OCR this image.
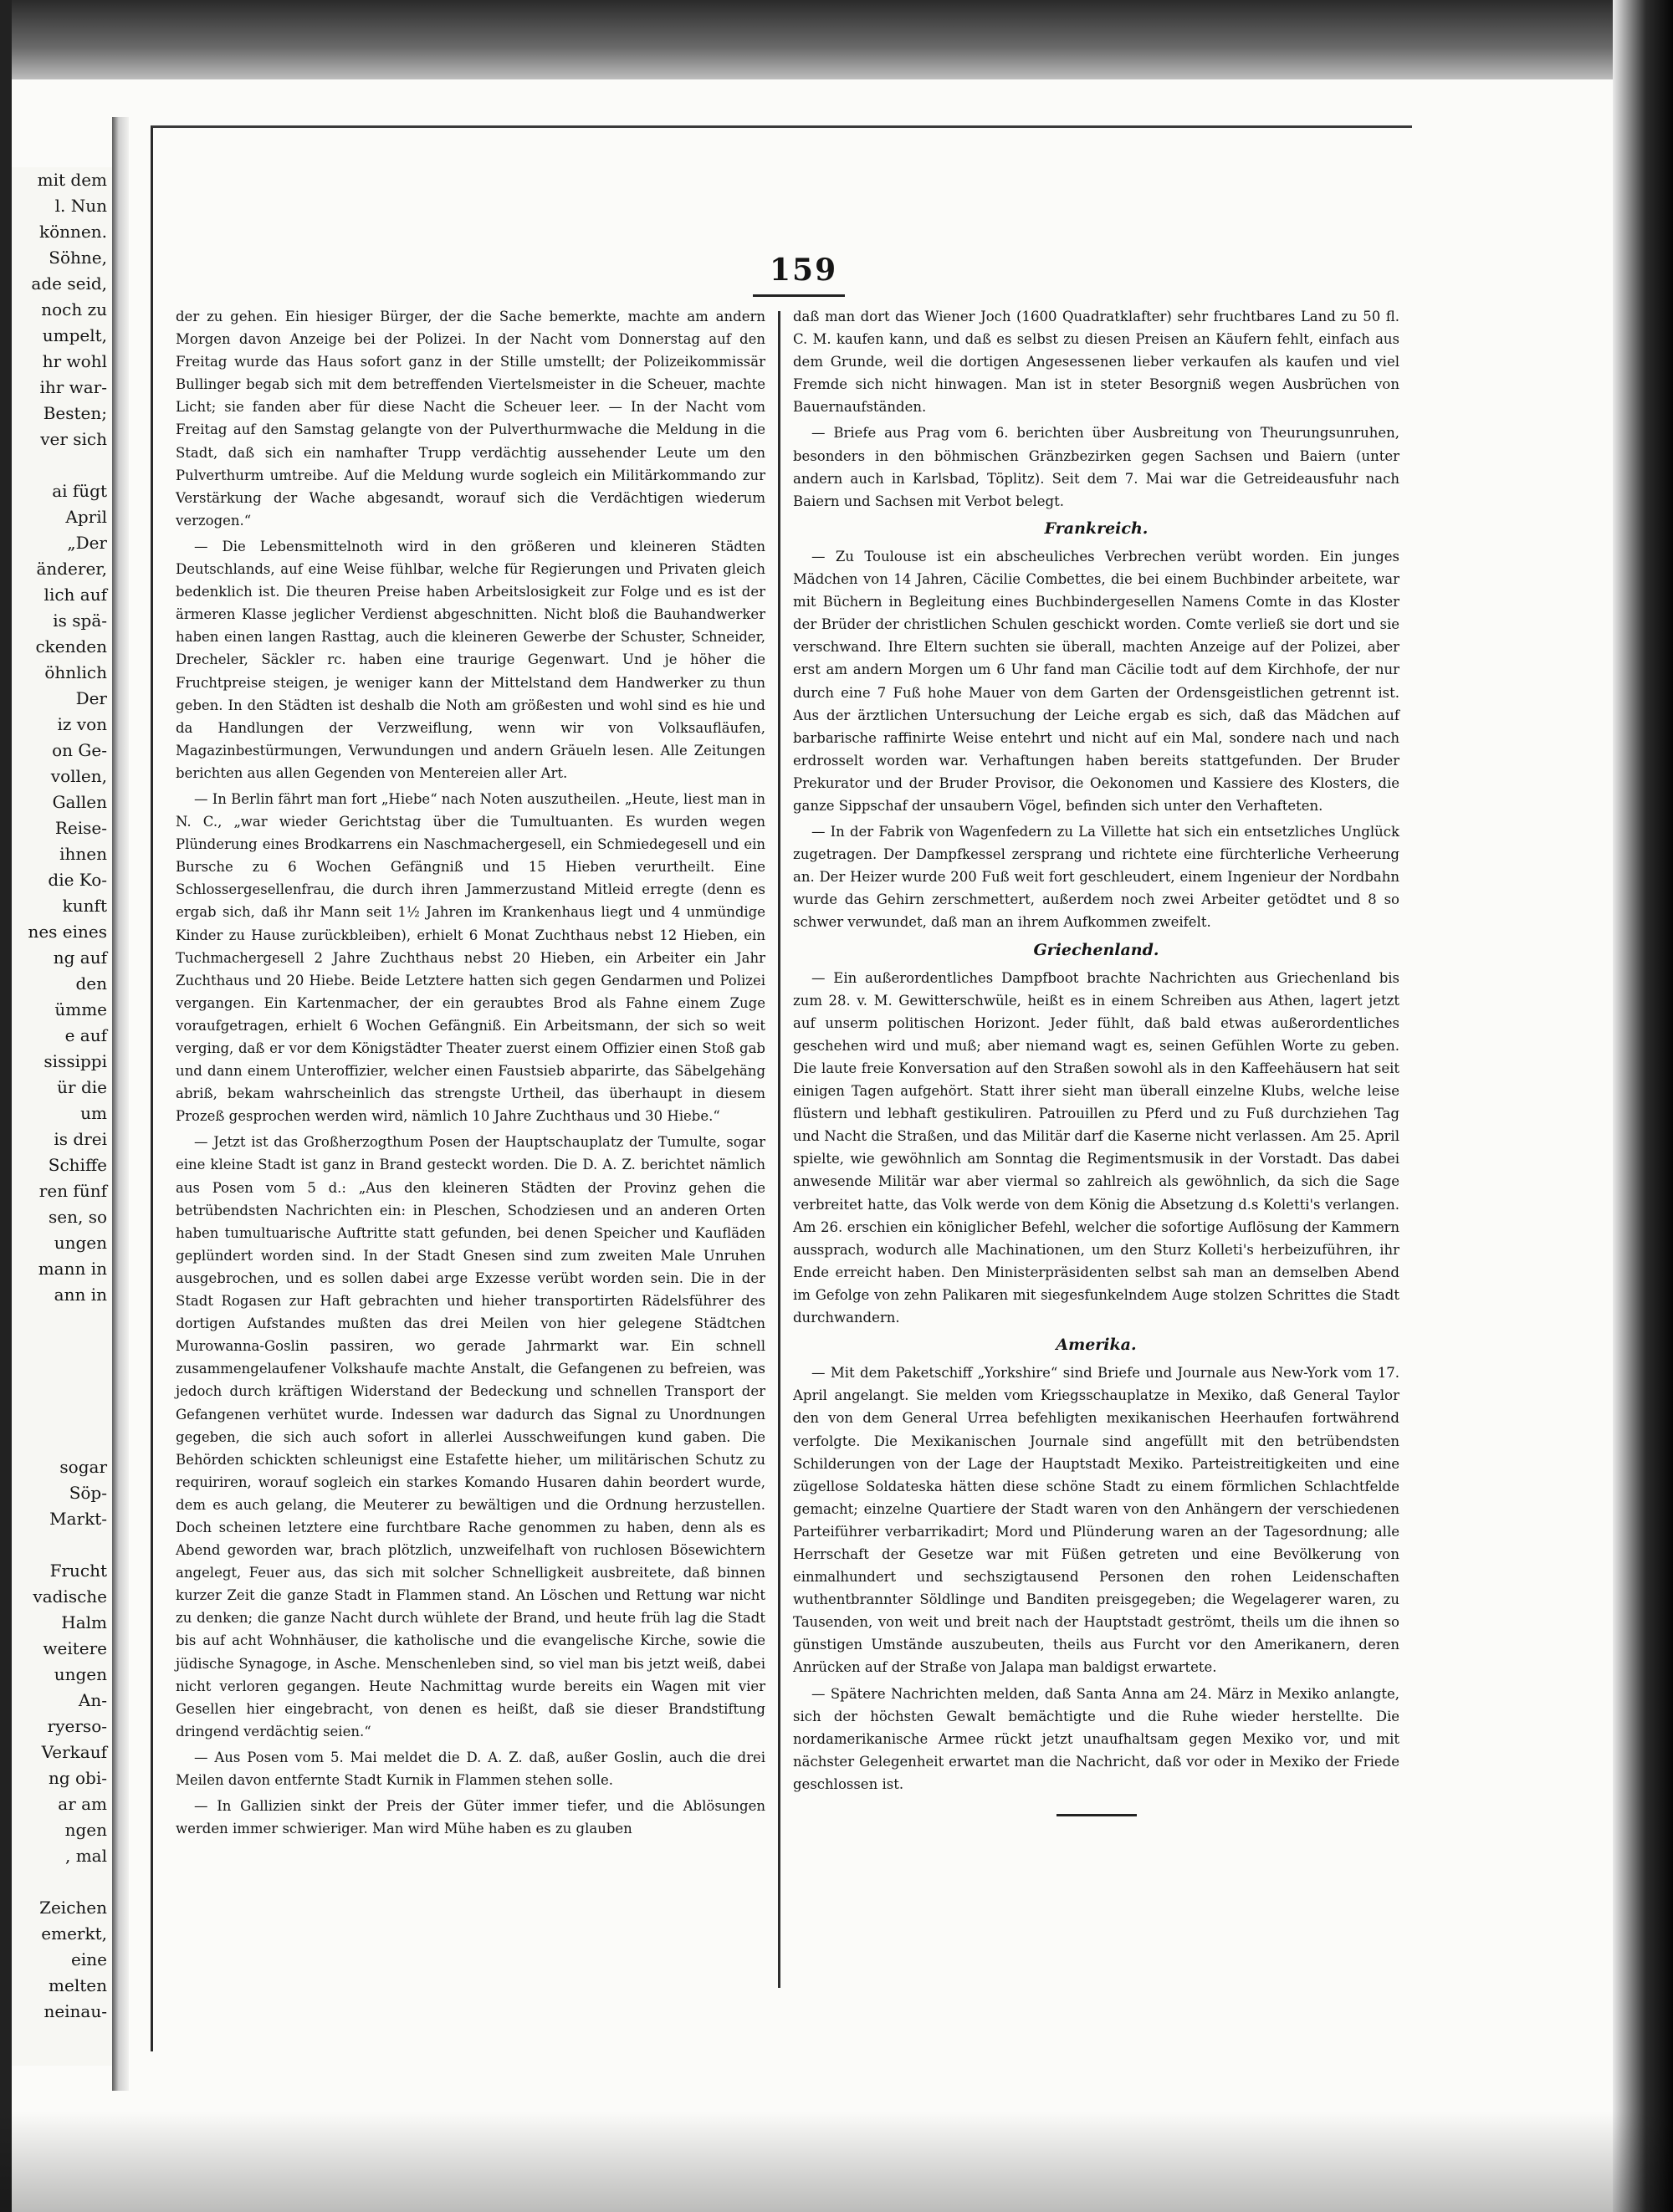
mit dem
l. Nun
können.
Söhne,
ade seid,
noch zu
umpelt,
hr wohl
ihr war-
Besten;
ver sich

ai fügt
April
„Der
änderer,
lich auf
is spä-
ckenden
öhnlich
Der
iz von
on Ge-
vollen,
Gallen
Reise-
ihnen
die Ko-
kunft
nes eines
ng auf
den
ümme
e auf
sissippi
ür die
um
is drei
Schiffe
ren fünf
sen, so
ungen
mann in
ann in
sogar
Söp-
Markt-

Frucht
vadische
Halm
weitere
ungen
An-
ryerso-
Verkauf
ng obi-
ar am
ngen
, mal

Zeichen
emerkt,
eine
melten
neinau-
159

der zu gehen. Ein hiesiger Bürger, der die Sache bemerkte, machte am andern Morgen davon Anzeige bei der Polizei. In der Nacht vom Donnerstag auf den Freitag wurde das Haus sofort ganz in der Stille umstellt; der Polizeikommissär Bullinger begab sich mit dem betreffenden Viertelsmeister in die Scheuer, machte Licht; sie fanden aber für diese Nacht die Scheuer leer. — In der Nacht vom Freitag auf den Samstag gelangte von der Pulverthurmwache die Meldung in die Stadt, daß sich ein namhafter Trupp verdächtig aussehender Leute um den Pulverthurm umtreibe. Auf die Meldung wurde sogleich ein Militärkommando zur Verstärkung der Wache abgesandt, worauf sich die Verdächtigen wiederum verzogen.“

— Die Lebensmittelnoth wird in den größeren und kleineren Städten Deutschlands, auf eine Weise fühlbar, welche für Regierungen und Privaten gleich bedenklich ist. Die theuren Preise haben Arbeitslosigkeit zur Folge und es ist der ärmeren Klasse jeglicher Verdienst abgeschnitten. Nicht bloß die Bauhandwerker haben einen langen Rasttag, auch die kleineren Gewerbe der Schuster, Schneider, Drecheler, Säckler rc. haben eine traurige Gegenwart. Und je höher die Fruchtpreise steigen, je weniger kann der Mittelstand dem Handwerker zu thun geben. In den Städten ist deshalb die Noth am größesten und wohl sind es hie und da Handlungen der Verzweiflung, wenn wir von Volksaufläufen, Magazinbestürmungen, Verwundungen und andern Gräueln lesen. Alle Zeitungen berichten aus allen Gegenden von Mentereien aller Art.

— In Berlin fährt man fort „Hiebe“ nach Noten auszutheilen. „Heute, liest man in N. C., „war wieder Gerichtstag über die Tumultuanten. Es wurden wegen Plünderung eines Brodkarrens ein Naschmachergesell, ein Schmiedegesell und ein Bursche zu 6 Wochen Gefängniß und 15 Hieben verurtheilt. Eine Schlossergesellenfrau, die durch ihren Jammerzustand Mitleid erregte (denn es ergab sich, daß ihr Mann seit 1½ Jahren im Krankenhaus liegt und 4 unmündige Kinder zu Hause zurückbleiben), erhielt 6 Monat Zuchthaus nebst 12 Hieben, ein Tuchmachergesell 2 Jahre Zuchthaus nebst 20 Hieben, ein Arbeiter ein Jahr Zuchthaus und 20 Hiebe. Beide Letztere hatten sich gegen Gendarmen und Polizei vergangen. Ein Kartenmacher, der ein geraubtes Brod als Fahne einem Zuge voraufgetragen, erhielt 6 Wochen Gefängniß. Ein Arbeitsmann, der sich so weit verging, daß er vor dem Königstädter Theater zuerst einem Offizier einen Stoß gab und dann einem Unteroffizier, welcher einen Faustsieb abparirte, das Säbelgehäng abriß, bekam wahrscheinlich das strengste Urtheil, das überhaupt in diesem Prozeß gesprochen werden wird, nämlich 10 Jahre Zuchthaus und 30 Hiebe.“

— Jetzt ist das Großherzogthum Posen der Hauptschauplatz der Tumulte, sogar eine kleine Stadt ist ganz in Brand gesteckt worden. Die D. A. Z. berichtet nämlich aus Posen vom 5 d.: „Aus den kleineren Städten der Provinz gehen die betrübendsten Nachrichten ein: in Pleschen, Schodziesen und an anderen Orten haben tumultuarische Auftritte statt gefunden, bei denen Speicher und Kaufläden geplündert worden sind. In der Stadt Gnesen sind zum zweiten Male Unruhen ausgebrochen, und es sollen dabei arge Exzesse verübt worden sein. Die in der Stadt Rogasen zur Haft gebrachten und hieher transportirten Rädelsführer des dortigen Aufstandes mußten das drei Meilen von hier gelegene Städtchen Murowanna-Goslin passiren, wo gerade Jahrmarkt war. Ein schnell zusammengelaufener Volkshaufe machte Anstalt, die Gefangenen zu befreien, was jedoch durch kräftigen Widerstand der Bedeckung und schnellen Transport der Gefangenen verhütet wurde. Indessen war dadurch das Signal zu Unordnungen gegeben, die sich auch sofort in allerlei Ausschweifungen kund gaben. Die Behörden schickten schleunigst eine Estafette hieher, um militärischen Schutz zu requiriren, worauf sogleich ein starkes Komando Husaren dahin beordert wurde, dem es auch gelang, die Meuterer zu bewältigen und die Ordnung herzustellen. Doch scheinen letztere eine furchtbare Rache genommen zu haben, denn als es Abend geworden war, brach plötzlich, unzweifelhaft von ruchlosen Bösewichtern angelegt, Feuer aus, das sich mit solcher Schnelligkeit ausbreitete, daß binnen kurzer Zeit die ganze Stadt in Flammen stand. An Löschen und Rettung war nicht zu denken; die ganze Nacht durch wühlete der Brand, und heute früh lag die Stadt bis auf acht Wohnhäuser, die katholische und die evangelische Kirche, sowie die jüdische Synagoge, in Asche. Menschenleben sind, so viel man bis jetzt weiß, dabei nicht verloren gegangen. Heute Nachmittag wurde bereits ein Wagen mit vier Gesellen hier eingebracht, von denen es heißt, daß sie dieser Brandstiftung dringend verdächtig seien.“

— Aus Posen vom 5. Mai meldet die D. A. Z. daß, außer Goslin, auch die drei Meilen davon entfernte Stadt Kurnik in Flammen stehen solle.

— In Gallizien sinkt der Preis der Güter immer tiefer, und die Ablösungen werden immer schwieriger. Man wird Mühe haben es zu glauben

daß man dort das Wiener Joch (1600 Quadratklafter) sehr fruchtbares Land zu 50 fl. C. M. kaufen kann, und daß es selbst zu diesen Preisen an Käufern fehlt, einfach aus dem Grunde, weil die dortigen Angesessenen lieber verkaufen als kaufen und viel Fremde sich nicht hinwagen. Man ist in steter Besorgniß wegen Ausbrüchen von Bauernaufständen.

— Briefe aus Prag vom 6. berichten über Ausbreitung von Theurungsunruhen, besonders in den böhmischen Gränzbezirken gegen Sachsen und Baiern (unter andern auch in Karlsbad, Töplitz). Seit dem 7. Mai war die Getreideausfuhr nach Baiern und Sachsen mit Verbot belegt.

Frankreich.

— Zu Toulouse ist ein abscheuliches Verbrechen verübt worden. Ein junges Mädchen von 14 Jahren, Cäcilie Combettes, die bei einem Buchbinder arbeitete, war mit Büchern in Begleitung eines Buchbindergesellen Namens Comte in das Kloster der Brüder der christlichen Schulen geschickt worden. Comte verließ sie dort und sie verschwand. Ihre Eltern suchten sie überall, machten Anzeige auf der Polizei, aber erst am andern Morgen um 6 Uhr fand man Cäcilie todt auf dem Kirchhofe, der nur durch eine 7 Fuß hohe Mauer von dem Garten der Ordensgeistlichen getrennt ist. Aus der ärztlichen Untersuchung der Leiche ergab es sich, daß das Mädchen auf barbarische raffinirte Weise entehrt und nicht auf ein Mal, sondere nach und nach erdrosselt worden war. Verhaftungen haben bereits stattgefunden. Der Bruder Prekurator und der Bruder Provisor, die Oekonomen und Kassiere des Klosters, die ganze Sippschaf der unsaubern Vögel, befinden sich unter den Verhafteten.

— In der Fabrik von Wagenfedern zu La Villette hat sich ein entsetzliches Unglück zugetragen. Der Dampfkessel zersprang und richtete eine fürchterliche Verheerung an. Der Heizer wurde 200 Fuß weit fort geschleudert, einem Ingenieur der Nordbahn wurde das Gehirn zerschmettert, außerdem noch zwei Arbeiter getödtet und 8 so schwer verwundet, daß man an ihrem Aufkommen zweifelt.

Griechenland.

— Ein außerordentliches Dampfboot brachte Nachrichten aus Griechenland bis zum 28. v. M. Gewitterschwüle, heißt es in einem Schreiben aus Athen, lagert jetzt auf unserm politischen Horizont. Jeder fühlt, daß bald etwas außerordentliches geschehen wird und muß; aber niemand wagt es, seinen Gefühlen Worte zu geben. Die laute freie Konversation auf den Straßen sowohl als in den Kaffeehäusern hat seit einigen Tagen aufgehört. Statt ihrer sieht man überall einzelne Klubs, welche leise flüstern und lebhaft gestikuliren. Patrouillen zu Pferd und zu Fuß durchziehen Tag und Nacht die Straßen, und das Militär darf die Kaserne nicht verlassen. Am 25. April spielte, wie gewöhnlich am Sonntag die Regimentsmusik in der Vorstadt. Das dabei anwesende Militär war aber viermal so zahlreich als gewöhnlich, da sich die Sage verbreitet hatte, das Volk werde von dem König die Absetzung d.s Koletti's verlangen. Am 26. erschien ein königlicher Befehl, welcher die sofortige Auflösung der Kammern aussprach, wodurch alle Machinationen, um den Sturz Kolleti's herbeizuführen, ihr Ende erreicht haben. Den Ministerpräsidenten selbst sah man an demselben Abend im Gefolge von zehn Palikaren mit siegesfunkelndem Auge stolzen Schrittes die Stadt durchwandern.

Amerika.

— Mit dem Paketschiff „Yorkshire“ sind Briefe und Journale aus New-York vom 17. April angelangt. Sie melden vom Kriegsschauplatze in Mexiko, daß General Taylor den von dem General Urrea befehligten mexikanischen Heerhaufen fortwährend verfolgte. Die Mexikanischen Journale sind angefüllt mit den betrübendsten Schilderungen von der Lage der Hauptstadt Mexiko. Parteistreitigkeiten und eine zügellose Soldateska hätten diese schöne Stadt zu einem förmlichen Schlachtfelde gemacht; einzelne Quartiere der Stadt waren von den Anhängern der verschiedenen Parteiführer verbarrikadirt; Mord und Plünderung waren an der Tagesordnung; alle Herrschaft der Gesetze war mit Füßen getreten und eine Bevölkerung von einmalhundert und sechszigtausend Personen den rohen Leidenschaften wuthentbrannter Söldlinge und Banditen preisgegeben; die Wegelagerer waren, zu Tausenden, von weit und breit nach der Hauptstadt geströmt, theils um die ihnen so günstigen Umstände auszubeuten, theils aus Furcht vor den Amerikanern, deren Anrücken auf der Straße von Jalapa man baldigst erwartete.

— Spätere Nachrichten melden, daß Santa Anna am 24. März in Mexiko anlangte, sich der höchsten Gewalt bemächtigte und die Ruhe wieder herstellte. Die nordamerikanische Armee rückt jetzt unaufhaltsam gegen Mexiko vor, und mit nächster Gelegenheit erwartet man die Nachricht, daß vor oder in Mexiko der Friede geschlossen ist.
